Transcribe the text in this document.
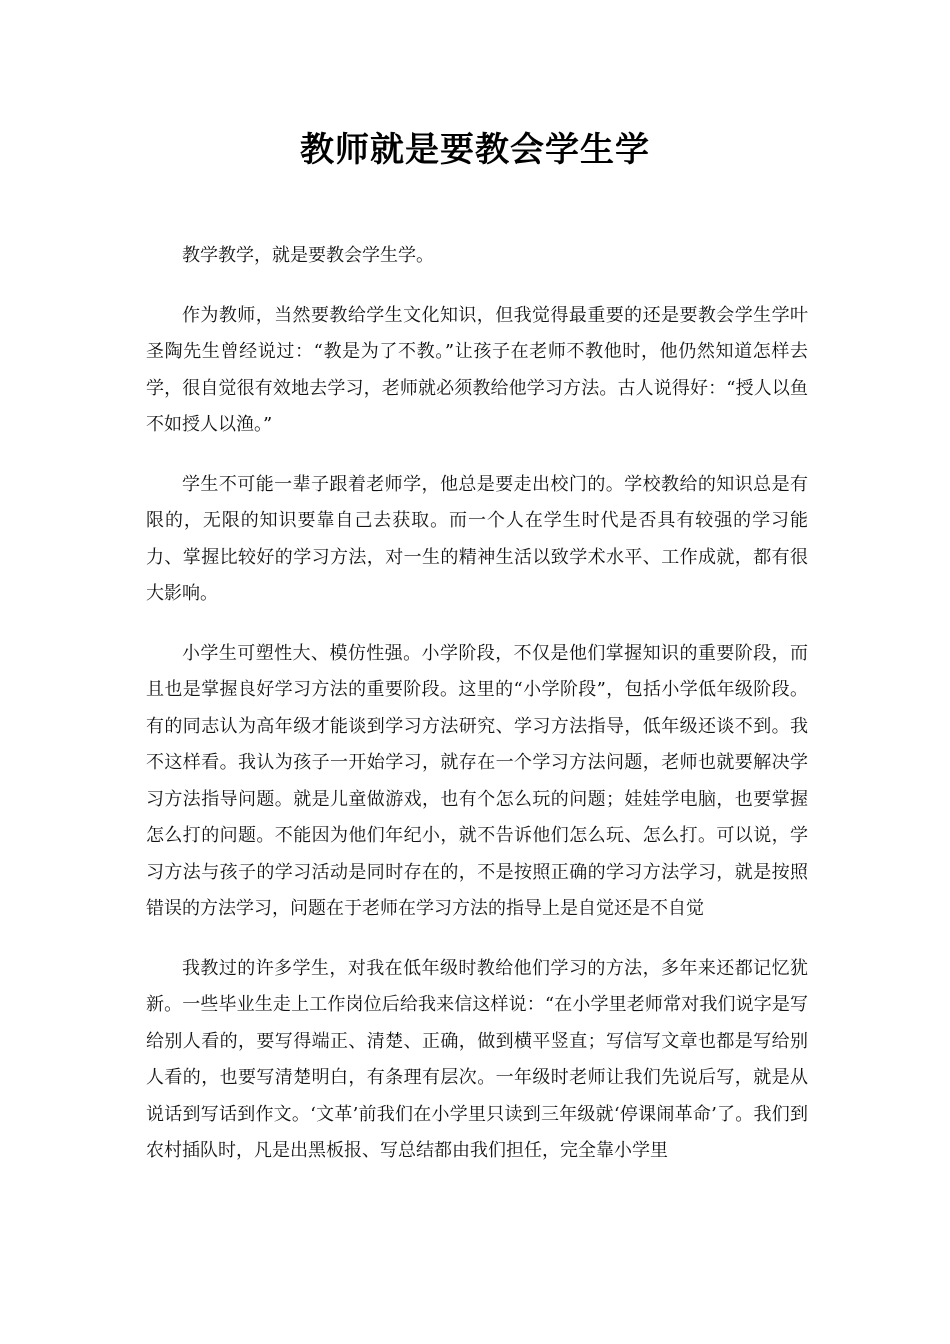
教师就是要教会学生学

教学教学，就是要教会学生学。

作为教师，当然要教给学生文化知识，但我觉得最重要的还是要教会学生学叶圣陶先生曾经说过：“教是为了不教。”让孩子在老师不教他时，他仍然知道怎样去学，很自觉很有效地去学习，老师就必须教给他学习方法。古人说得好：“授人以鱼不如授人以渔。”

学生不可能一辈子跟着老师学，他总是要走出校门的。学校教给的知识总是有限的，无限的知识要靠自己去获取。而一个人在学生时代是否具有较强的学习能力、掌握比较好的学习方法，对一生的精神生活以致学术水平、工作成就，都有很大影响。

小学生可塑性大、模仿性强。小学阶段，不仅是他们掌握知识的重要阶段，而且也是掌握良好学习方法的重要阶段。这里的“小学阶段”，包括小学低年级阶段。有的同志认为高年级才能谈到学习方法研究、学习方法指导，低年级还谈不到。我不这样看。我认为孩子一开始学习，就存在一个学习方法问题，老师也就要解决学习方法指导问题。就是儿童做游戏，也有个怎么玩的问题；娃娃学电脑，也要掌握怎么打的问题。不能因为他们年纪小，就不告诉他们怎么玩、怎么打。可以说，学习方法与孩子的学习活动是同时存在的，不是按照正确的学习方法学习，就是按照错误的方法学习，问题在于老师在学习方法的指导上是自觉还是不自觉

我教过的许多学生，对我在低年级时教给他们学习的方法，多年来还都记忆犹新。一些毕业生走上工作岗位后给我来信这样说：“在小学里老师常对我们说字是写给别人看的，要写得端正、清楚、正确，做到横平竖直；写信写文章也都是写给别人看的，也要写清楚明白，有条理有层次。一年级时老师让我们先说后写，就是从说话到写话到作文。‘文革’前我们在小学里只读到三年级就‘停课闹革命’了。我们到农村插队时，凡是出黑板报、写总结都由我们担任，完全靠小学里
